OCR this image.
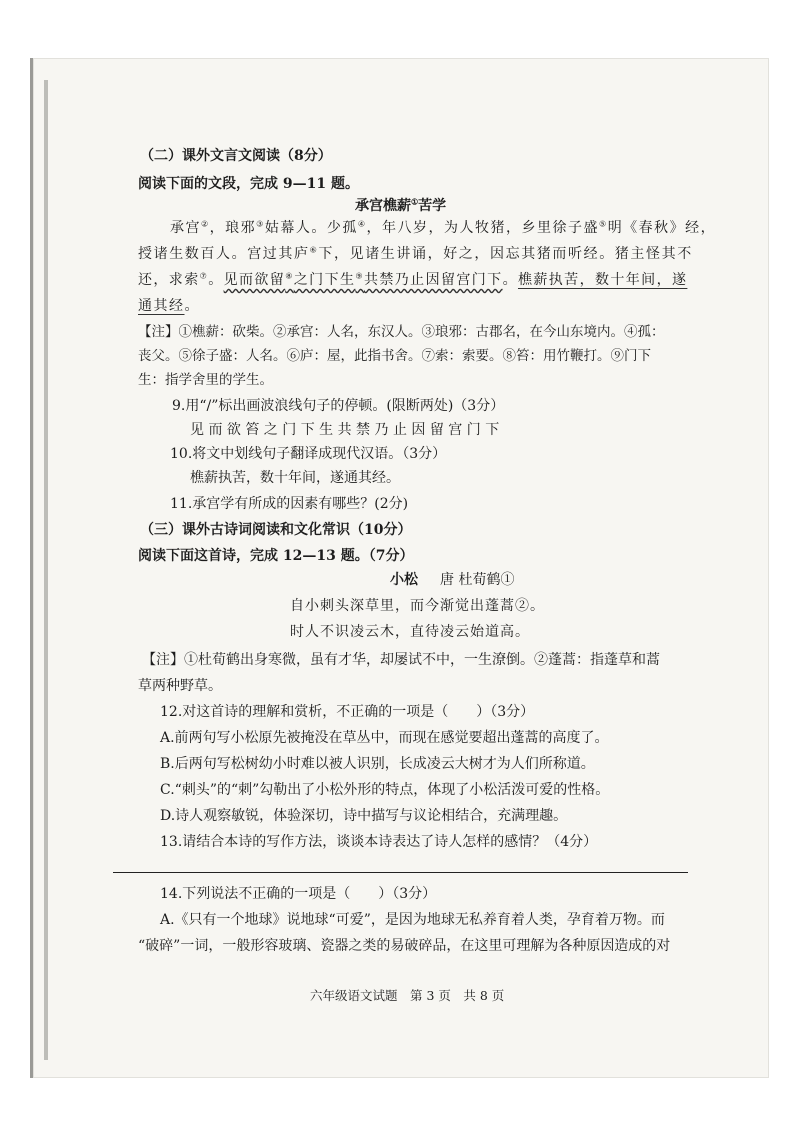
（二）课外文言文阅读（8分）
阅读下面的文段，完成 9—11 题。
承宫樵薪①苦学
承宫②，琅邪③姑幕人。少孤④，年八岁，为人牧猪，乡里徐子盛⑤明《春秋》经，
授诸生数百人。宫过其庐⑥下，见诸生讲诵，好之，因忘其猪而听经。猪主怪其不
还，求索⑦。见而欲留⑧之门下生⑨共禁乃止因留宫门下。樵薪执苦，数十年间，遂
通其经。
【注】①樵薪：砍柴。②承宫：人名，东汉人。③琅邪：古郡名，在今山东境内。④孤：
丧父。⑤徐子盛：人名。⑥庐：屋，此指书舍。⑦索：索要。⑧笞：用竹鞭打。⑨门下
生：指学舍里的学生。
9.用“/”标出画波浪线句子的停顿。(限断两处)（3分）
见 而 欲 笞 之 门 下 生 共 禁 乃 止 因 留 宫 门 下
10.将文中划线句子翻译成现代汉语。（3分）
樵薪执苦，数十年间，遂通其经。
11.承宫学有所成的因素有哪些？(2分)
（三）课外古诗词阅读和文化常识（10分）
阅读下面这首诗，完成 12—13 题。（7分）
小松 唐 杜荀鹤①
自小刺头深草里，而今渐觉出蓬蒿②。
时人不识凌云木，直待凌云始道高。
【注】①杜荀鹤出身寒微，虽有才华，却屡试不中，一生潦倒。②蓬蒿：指蓬草和蒿
草两种野草。
12.对这首诗的理解和赏析，不正确的一项是（　　）（3分）
A.前两句写小松原先被掩没在草丛中，而现在感觉要超出蓬蒿的高度了。
B.后两句写松树幼小时难以被人识别，长成凌云大树才为人们所称道。
C.“刺头”的“刺”勾勒出了小松外形的特点，体现了小松活泼可爱的性格。
D.诗人观察敏锐，体验深切，诗中描写与议论相结合，充满理趣。
13.请结合本诗的写作方法，谈谈本诗表达了诗人怎样的感情？（4分）
14.下列说法不正确的一项是（　　）（3分）
A.《只有一个地球》说地球“可爱”，是因为地球无私养育着人类，孕育着万物。而
“破碎”一词，一般形容玻璃、瓷器之类的易破碎品，在这里可理解为各种原因造成的对
六年级语文试题　第 3 页　共 8 页
